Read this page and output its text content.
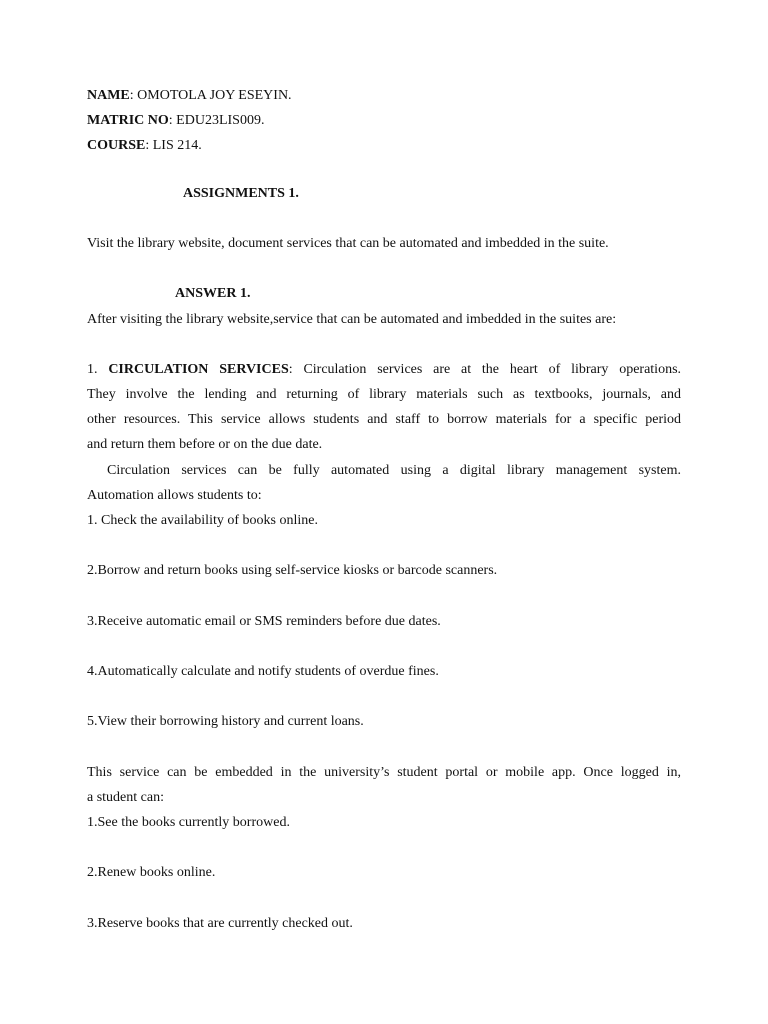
NAME: OMOTOLA JOY ESEYIN.
MATRIC NO: EDU23LIS009.
COURSE: LIS 214.
ASSIGNMENTS 1.
Visit the library website, document services that can be automated and imbedded in the suite.
ANSWER 1.
After visiting the library website,service that can be automated and imbedded in the suites are:
1. CIRCULATION SERVICES: Circulation services are at the heart of library operations.
They involve the lending and returning of library materials such as textbooks, journals, and
other resources. This service allows students and staff to borrow materials for a specific period
and return them before or on the due date.
Circulation services can be fully automated using a digital library management system.
Automation allows students to:
1. Check the availability of books online.
2.Borrow and return books using self-service kiosks or barcode scanners.
3.Receive automatic email or SMS reminders before due dates.
4.Automatically calculate and notify students of overdue fines.
5.View their borrowing history and current loans.
This service can be embedded in the university’s student portal or mobile app. Once logged in,
a student can:
1.See the books currently borrowed.
2.Renew books online.
3.Reserve books that are currently checked out.
